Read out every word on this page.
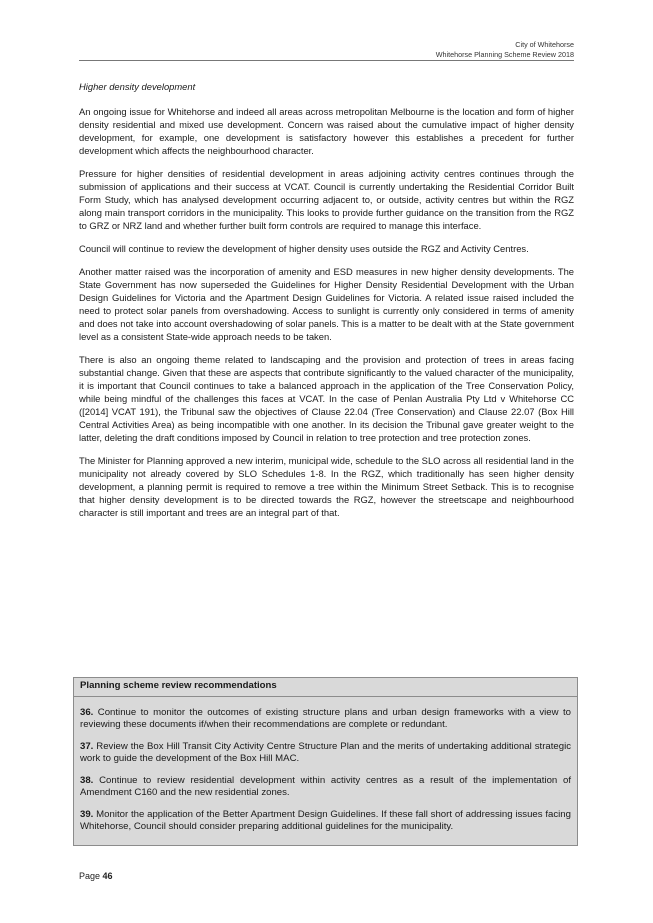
City of Whitehorse
Whitehorse Planning Scheme Review 2018

Higher density development

An ongoing issue for Whitehorse and indeed all areas across metropolitan Melbourne is the location and form of higher density residential and mixed use development. Concern was raised about the cumulative impact of higher density development, for example, one development is satisfactory however this establishes a precedent for further development which affects the neighbourhood character.

Pressure for higher densities of residential development in areas adjoining activity centres continues through the submission of applications and their success at VCAT. Council is currently undertaking the Residential Corridor Built Form Study, which has analysed development occurring adjacent to, or outside, activity centres but within the RGZ along main transport corridors in the municipality. This looks to provide further guidance on the transition from the RGZ to GRZ or NRZ land and whether further built form controls are required to manage this interface.

Council will continue to review the development of higher density uses outside the RGZ and Activity Centres.

Another matter raised was the incorporation of amenity and ESD measures in new higher density developments. The State Government has now superseded the Guidelines for Higher Density Residential Development with the Urban Design Guidelines for Victoria and the Apartment Design Guidelines for Victoria. A related issue raised included the need to protect solar panels from overshadowing. Access to sunlight is currently only considered in terms of amenity and does not take into account overshadowing of solar panels. This is a matter to be dealt with at the State government level as a consistent State-wide approach needs to be taken.

There is also an ongoing theme related to landscaping and the provision and protection of trees in areas facing substantial change. Given that these are aspects that contribute significantly to the valued character of the municipality, it is important that Council continues to take a balanced approach in the application of the Tree Conservation Policy, while being mindful of the challenges this faces at VCAT. In the case of Penlan Australia Pty Ltd v Whitehorse CC ([2014] VCAT 191), the Tribunal saw the objectives of Clause 22.04 (Tree Conservation) and Clause 22.07 (Box Hill Central Activities Area) as being incompatible with one another. In its decision the Tribunal gave greater weight to the latter, deleting the draft conditions imposed by Council in relation to tree protection and tree protection zones.

The Minister for Planning approved a new interim, municipal wide, schedule to the SLO across all residential land in the municipality not already covered by SLO Schedules 1-8. In the RGZ, which traditionally has seen higher density development, a planning permit is required to remove a tree within the Minimum Street Setback. This is to recognise that higher density development is to be directed towards the RGZ, however the streetscape and neighbourhood character is still important and trees are an integral part of that.

Planning scheme review recommendations

36. Continue to monitor the outcomes of existing structure plans and urban design frameworks with a view to reviewing these documents if/when their recommendations are complete or redundant.

37. Review the Box Hill Transit City Activity Centre Structure Plan and the merits of undertaking additional strategic work to guide the development of the Box Hill MAC.

38. Continue to review residential development within activity centres as a result of the implementation of Amendment C160 and the new residential zones.

39. Monitor the application of the Better Apartment Design Guidelines. If these fall short of addressing issues facing Whitehorse, Council should consider preparing additional guidelines for the municipality.

Page 46
